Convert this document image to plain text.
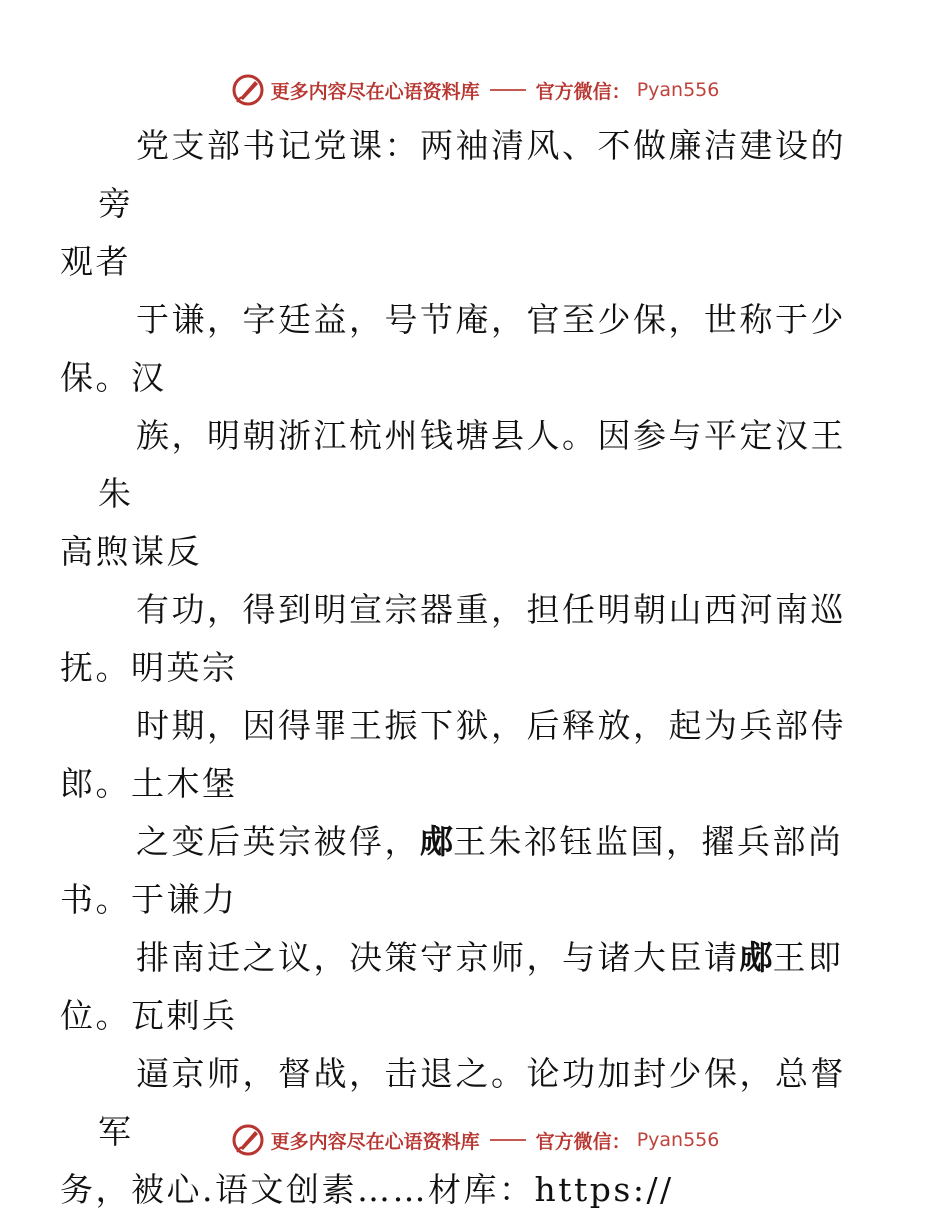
更多内容尽在心语资料库	官方微信： Pyan556

党支部书记党课：两袖清风、不做廉洁建设的旁
观者

于谦，字廷益，号节庵，官至少保，世称于少
保。汉

族，明朝浙江杭州钱塘县人。因参与平定汉王朱
高煦谋反

有功，得到明宣宗器重，担任明朝山西河南巡
抚。明英宗

时期，因得罪王振下狱，后释放，起为兵部侍
郎。土木堡

之变后英宗被俘，郕王朱祁钰监国，擢兵部尚
书。于谦力

排南迁之议，决策守京师，与诸大臣请郕王即
位。瓦剌兵

逼京师，督战，击退之。论功加封少保，总督军
务，被心.语文创素……材库：https://

更多内容尽在心语资料库	官方微信： Pyan556
